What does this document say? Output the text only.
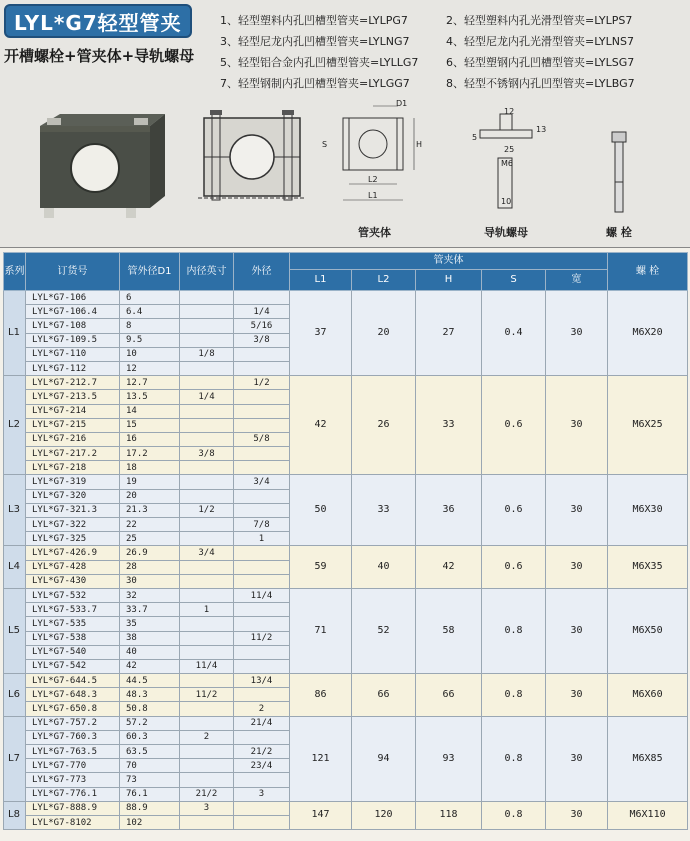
LYL*G7轻型管夹
开槽螺栓+管夹体+导轨螺母
1、轻型塑料内孔凹槽型管夹=LYLPG7	2、轻型塑料内孔光滑型管夹=LYLPS7
3、轻型尼龙内孔凹槽型管夹=LYLNG7	4、轻型尼龙内孔光滑型管夹=LYLNS7
5、轻型铝合金内孔凹槽型管夹=LYLLG7	6、轻型塑钢内孔凹槽型管夹=LYLSG7
7、轻型钢制内孔凹槽型管夹=LYLGG7	8、轻型不锈钢内孔凹型管夹=LYLBG7
D1
H
S
L2
L1
12
13
5
25
M6
10
管夹体	导轨螺母	螺 栓
系列	订货号	管外径D1	内径英寸	外径	管夹体					螺 栓
					L1	L2	H	S	宽	
L1	LYL*G7-106	6			37	20	27	0.4	30	M6X20
	LYL*G7-106.4	6.4		1/4						
	LYL*G7-108	8		5/16						
	LYL*G7-109.5	9.5		3/8						
	LYL*G7-110	10	1/8							
	LYL*G7-112	12								
L2	LYL*G7-212.7	12.7		1/2	42	26	33	0.6	30	M6X25
	LYL*G7-213.5	13.5	1/4							
	LYL*G7-214	14								
	LYL*G7-215	15								
	LYL*G7-216	16		5/8						
	LYL*G7-217.2	17.2	3/8							
	LYL*G7-218	18								
L3	LYL*G7-319	19		3/4	50	33	36	0.6	30	M6X30
	LYL*G7-320	20								
	LYL*G7-321.3	21.3	1/2							
	LYL*G7-322	22		7/8						
	LYL*G7-325	25		1						
L4	LYL*G7-426.9	26.9	3/4		59	40	42	0.6	30	M6X35
	LYL*G7-428	28								
	LYL*G7-430	30								
L5	LYL*G7-532	32		11/4	71	52	58	0.8	30	M6X50
	LYL*G7-533.7	33.7	1							
	LYL*G7-535	35								
	LYL*G7-538	38		11/2						
	LYL*G7-540	40								
	LYL*G7-542	42	11/4							
L6	LYL*G7-644.5	44.5		13/4	86	66	66	0.8	30	M6X60
	LYL*G7-648.3	48.3	11/2							
	LYL*G7-650.8	50.8		2						
L7	LYL*G7-757.2	57.2		21/4	121	94	93	0.8	30	M6X85
	LYL*G7-760.3	60.3	2							
	LYL*G7-763.5	63.5		21/2						
	LYL*G7-770	70		23/4						
	LYL*G7-773	73								
	LYL*G7-776.1	76.1	21/2	3						
L8	LYL*G7-888.9	88.9	3		147	120	118	0.8	30	M6X110
	LYL*G7-8102	102								
